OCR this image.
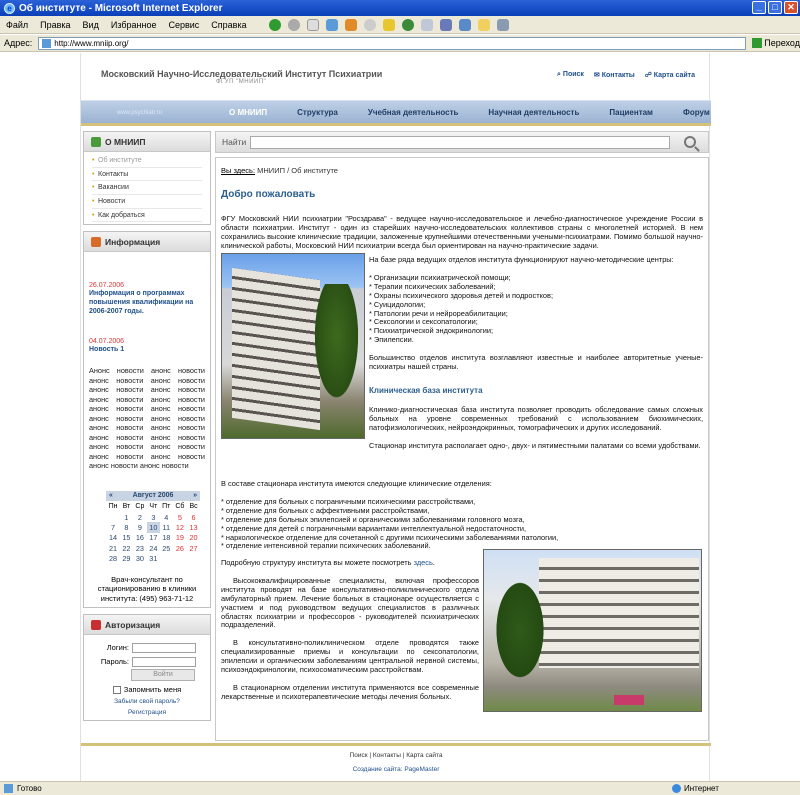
e Об институте - Microsoft Internet Explorer	_	□	✕
Файл Правка Вид Избранное Сервис Справка
Адрес:	http://www.mniip.org/	Переход
Московский Научно-Исследовательский Институт Психиатрии
ФГУП "МНИИП"
⌕ Поиск ✉ Контакты ☍ Карта сайта
www.psychiatr.ru	О МНИИП	Структура	Учебная деятельность	Научная деятельность	Пациентам	Форум
О МНИИП
• Об институте
• Контакты
• Вакансии
• Новости
• Как добраться
Информация
26.07.2006
Информация о программах повышения квалификации на 2006-2007 годы.
04.07.2006
Новость 1
Анонс новости анонс новости анонс новости анонс новости анонс новости анонс новости анонс новости анонс новости анонс новости анонс новости анонс новости анонс новости анонс новости анонс новости анонс новости анонс новости анонс новости анонс новости анонс новости анонс новости анонс новости анонс новости
«	Август 2006	»
Пн	Вт	Ср	Чт	Пт	Сб	Вс
	1	2	3	4	5	6
7	8	9	10	11	12	13
14	15	16	17	18	19	20
21	22	23	24	25	26	27
28	29	30	31			
Врач-консультант по стационированию в клиники института: (495) 963-71-12
Авторизация
Логин:
Пароль:
Войти
Запомнить меня
Забыли свой пароль?
Регистрация
Найти
Вы здесь: МНИИП / Об институте
Добро пожаловать
ФГУ Московский НИИ психиатрии "Росздрава" - ведущее научно-исследовательское и лечебно-диагностическое учреждение России в области психиатрии. Институт - один из старейших научно-исследовательских коллективов страны с многолетней историей. В нем сохранились высокие клинические традиции, заложенные крупнейшими отечественными учеными-психиатрами. Помимо большой научно-клинической работы, Московский НИИ психиатрии всегда был ориентирован на научно-практические задачи.
На базе ряда ведущих отделов института функционируют научно-методические центры:
* Организации психиатрической помощи;
* Терапии психических заболеваний;
* Охраны психического здоровья детей и подростков;
* Суицидологии;
* Патологии речи и нейрореабилитации;
* Сексологии и сексопатологии;
* Психиатрической эндокринологии;
* Эпилепсии.
Большинство отделов института возглавляют известные и наиболее авторитетные ученые-психиатры нашей страны.
Клиническая база института
Клинико-диагностическая база института позволяет проводить обследование самых сложных больных на уровне современных требований с использованием биохимических, патофизиологических, нейроэндокринных, томографических и других исследований.
Стационар института располагает одно-, двух- и пятиместными палатами со всеми удобствами.
В составе стационара института имеются следующие клинические отделения:
* отделение для больных с пограничными психическими расстройствами,
* отделение для больных с аффективными расстройствами,
* отделение для больных эпилепсией и органическими заболеваниями головного мозга,
* отделение для детей с пограничными вариантами интеллектуальной недостаточности,
* наркологическое отделение для сочетанной с другими психическими заболеваниями патологии,
* отделение интенсивной терапии психических заболеваний.
Подробную структуру института вы можете посмотреть здесь.
Высококвалифицированные специалисты, включая профессоров института проводят на базе консультативно-поликлинического отдела амбулаторный прием. Лечение больных в стационаре осуществляется с участием и под руководством ведущих специалистов в различных областях психиатрии и профессоров - руководителей психиатрических подразделений.
В консультативно-поликлиническом отделе проводятся также специализированные приемы и консультации по сексопатологии, эпилепсии и органическим заболеваниям центральной нервной системы, психоэндокринологии, психосоматическим расстройствам.
В стационарном отделении института применяются все современные лекарственные и психотерапевтические методы лечения больных.
Поиск | Контакты | Карта сайта
Создание сайта: PageMaster
Готово	Интернет
